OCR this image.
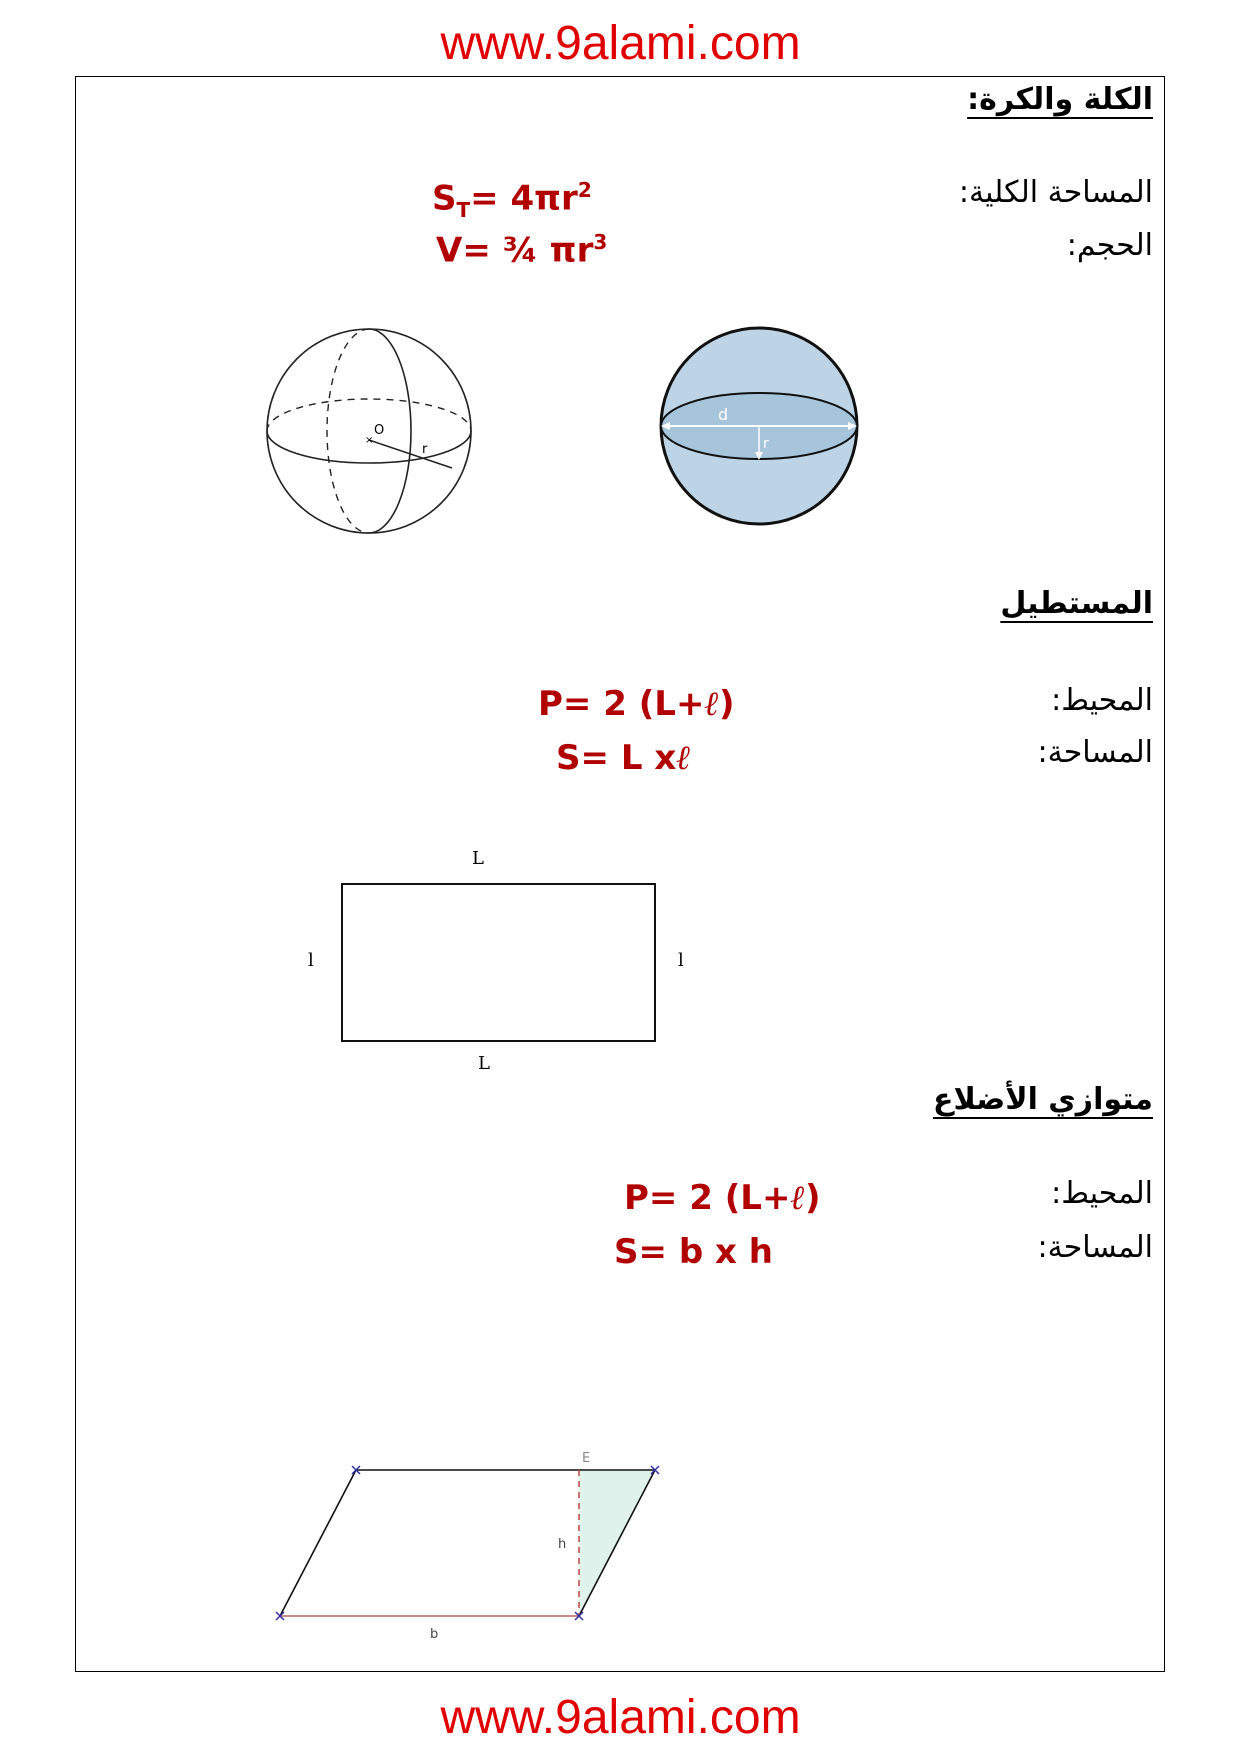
www.9alami.com
الكلة والكرة:
المساحة الكلية:
الحجم:
$S_T= 4\pi r^2$
V= ¾ $\pi r^3$
×
O
r
d
r
المستطيل
المحيط:
المساحة:
P= 2 (L+ℓ)
S= L xℓ
L
L
l	l
متوازي الأضلاع
المحيط:
المساحة:
P= 2 (L+ℓ)
S= b x h
E
h
b
www.9alami.com
